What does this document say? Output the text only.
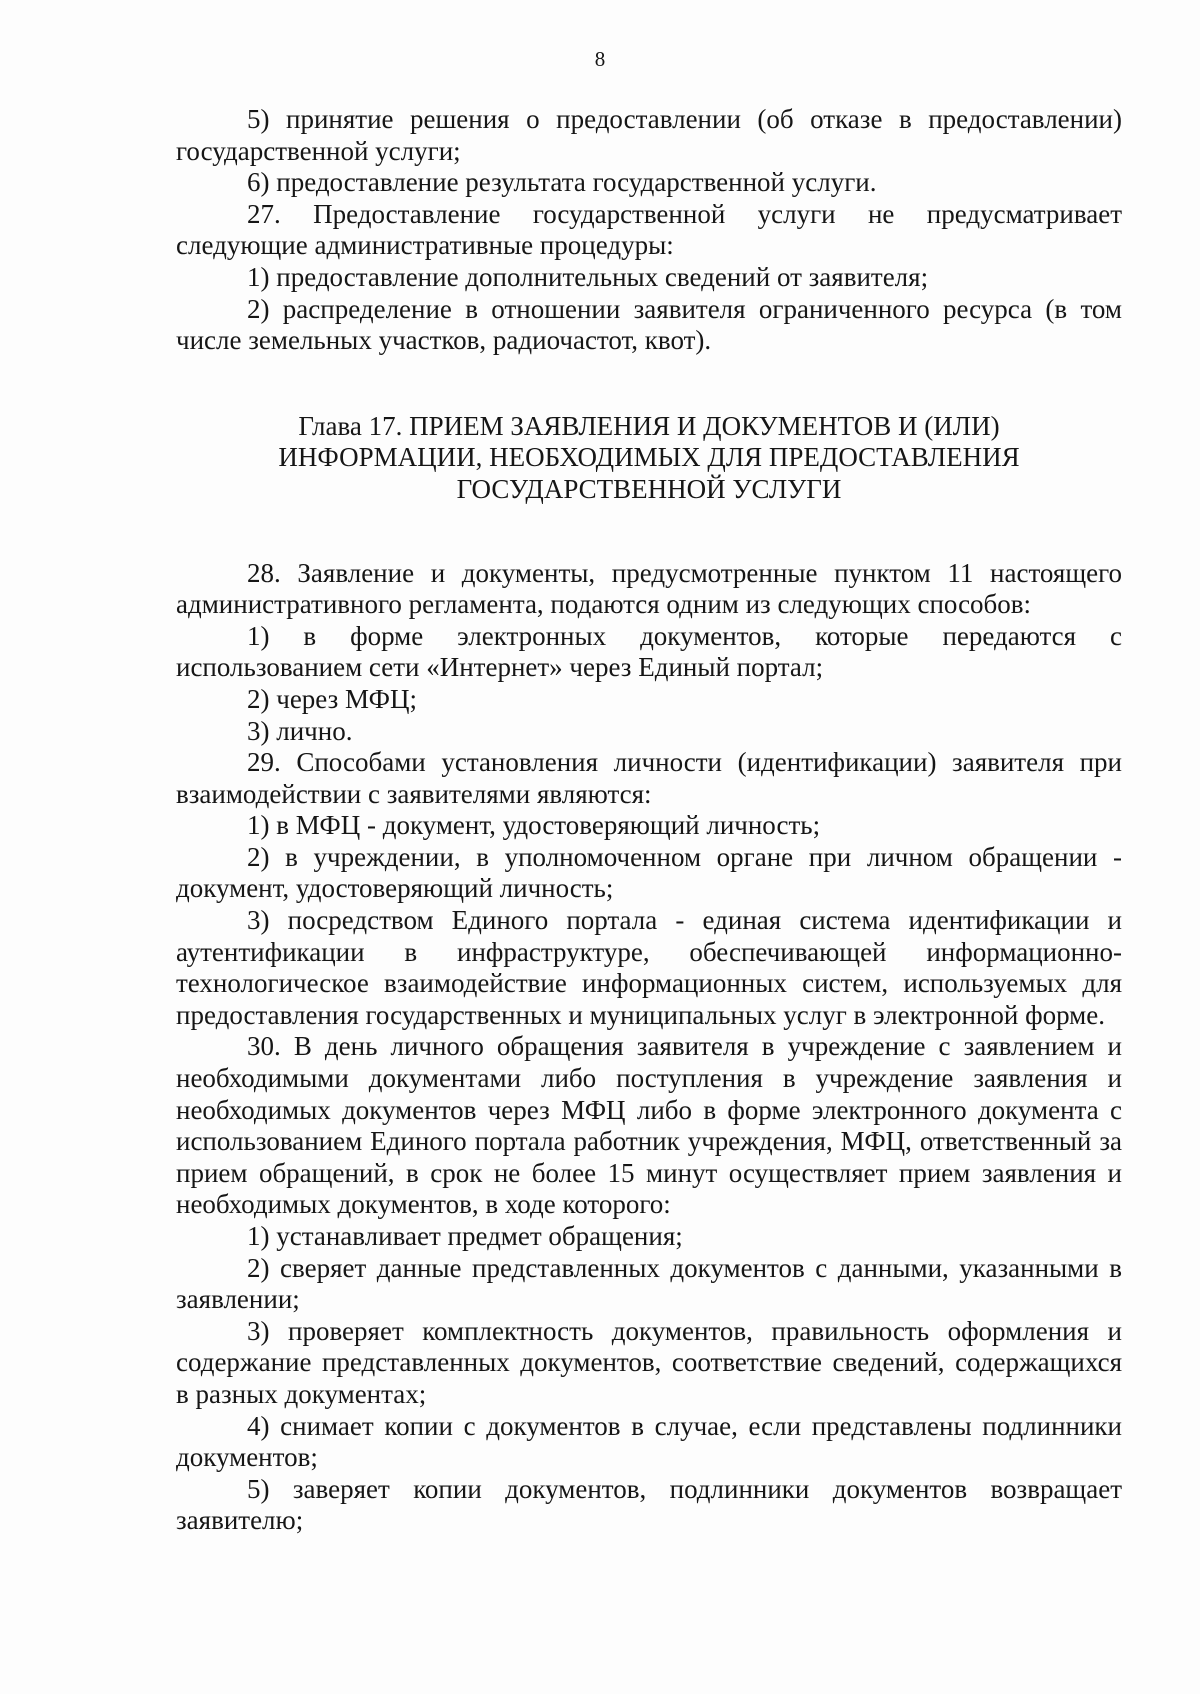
8

5) принятие решения о предоставлении (об отказе в предоставлении) государственной услуги;

6) предоставление результата государственной услуги.

27. Предоставление государственной услуги не предусматривает следующие административные процедуры:

1) предоставление дополнительных сведений от заявителя;

2) распределение в отношении заявителя ограниченного ресурса (в том числе земельных участков, радиочастот, квот).

Глава 17. ПРИЕМ ЗАЯВЛЕНИЯ И ДОКУМЕНТОВ И (ИЛИ)
ИНФОРМАЦИИ, НЕОБХОДИМЫХ ДЛЯ ПРЕДОСТАВЛЕНИЯ
ГОСУДАРСТВЕННОЙ УСЛУГИ

28. Заявление и документы, предусмотренные пунктом 11 настоящего административного регламента, подаются одним из следующих способов:

1) в форме электронных документов, которые передаются с использованием сети «Интернет» через Единый портал;

2) через МФЦ;

3) лично.

29. Способами установления личности (идентификации) заявителя при взаимодействии с заявителями являются:

1) в МФЦ - документ, удостоверяющий личность;

2) в учреждении, в уполномоченном органе при личном обращении - документ, удостоверяющий личность;

3) посредством Единого портала - единая система идентификации и аутентификации в инфраструктуре, обеспечивающей информационно-технологическое взаимодействие информационных систем, используемых для предоставления государственных и муниципальных услуг в электронной форме.

30. В день личного обращения заявителя в учреждение с заявлением и необходимыми документами либо поступления в учреждение заявления и необходимых документов через МФЦ либо в форме электронного документа с использованием Единого портала работник учреждения, МФЦ, ответственный за прием обращений, в срок не более 15 минут осуществляет прием заявления и необходимых документов, в ходе которого:

1) устанавливает предмет обращения;

2) сверяет данные представленных документов с данными, указанными в заявлении;

3) проверяет комплектность документов, правильность оформления и содержание представленных документов, соответствие сведений, содержащихся в разных документах;

4) снимает копии с документов в случае, если представлены подлинники документов;

5) заверяет копии документов, подлинники документов возвращает заявителю;
